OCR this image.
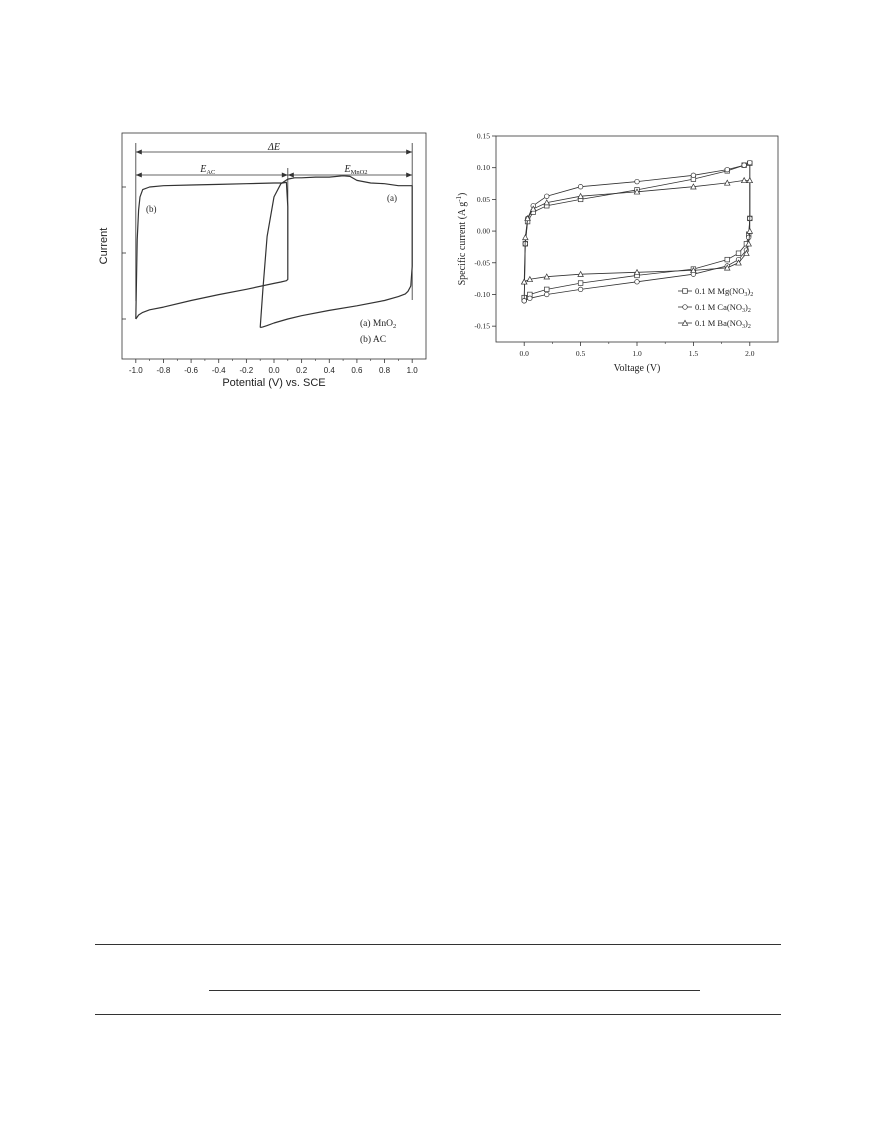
-1.0 -0.8 -0.6 -0.4 -0.2 0.0 0.2 0.4 0.6 0.8 1.0
ΔE
$E_{AC}$	$E_{MnO2}$
(a)
(b)
(a) MnO$_2$
(b) AC
Potential (V) vs. SCE
Current
0.0	0.5	1.0	1.5	2.0
0.15
0.10
0.05
0.00
-0.05
-0.10
-0.15
0.1 M $Mg(NO_3)_2$
0.1 M $Ca(NO_3)_2$
0.1 M $Ba(NO_3)_2$
Voltage (V)
Specific current (A $g^{-1}$)
